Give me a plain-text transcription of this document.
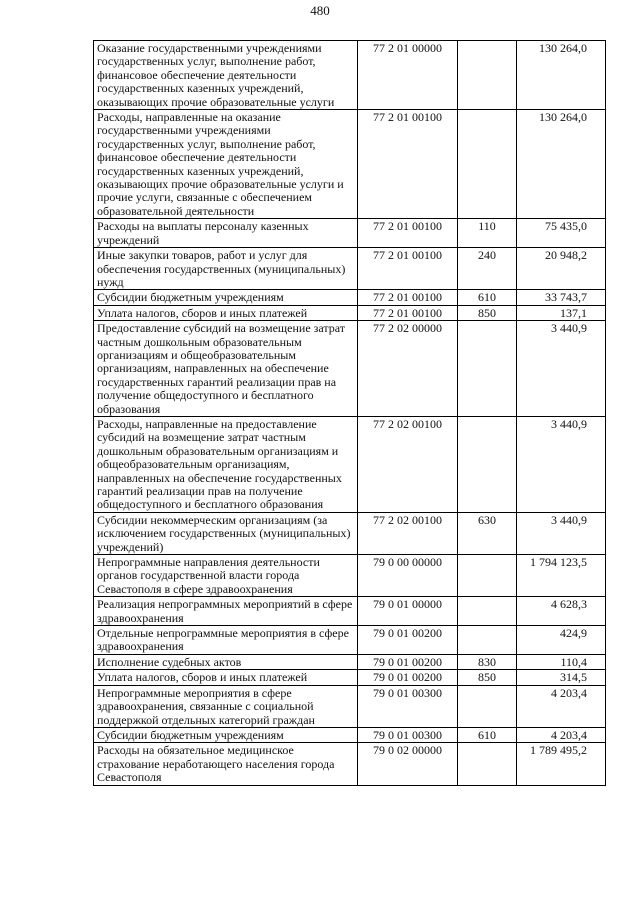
480
Оказание государственными учреждениями государственных услуг, выполнение работ, финансовое обеспечение деятельности государственных казенных учреждений, оказывающих прочие образовательные услуги	77 2 01 00000		130 264,0
Расходы, направленные на оказание государственными учреждениями государственных услуг, выполнение работ, финансовое обеспечение деятельности государственных казенных учреждений, оказывающих прочие образовательные услуги и прочие услуги, связанные с обеспечением образовательной деятельности	77 2 01 00100		130 264,0
Расходы на выплаты персоналу казенных учреждений	77 2 01 00100	110	75 435,0
Иные закупки товаров, работ и услуг для обеспечения государственных (муниципальных) нужд	77 2 01 00100	240	20 948,2
Субсидии бюджетным учреждениям	77 2 01 00100	610	33 743,7
Уплата налогов, сборов и иных платежей	77 2 01 00100	850	137,1
Предоставление субсидий на возмещение затрат частным дошкольным образовательным организациям и общеобразовательным организациям, направленных на обеспечение государственных гарантий реализации прав на получение общедоступного и бесплатного образования	77 2 02 00000		3 440,9
Расходы, направленные на предоставление субсидий на возмещение затрат частным дошкольным образовательным организациям и общеобразовательным организациям, направленных на обеспечение государственных гарантий реализации прав на получение общедоступного и бесплатного образования	77 2 02 00100		3 440,9
Субсидии некоммерческим организациям (за исключением государственных (муниципальных) учреждений)	77 2 02 00100	630	3 440,9
Непрограммные направления деятельности органов государственной власти города Севастополя в сфере здравоохранения	79 0 00 00000		1 794 123,5
Реализация непрограммных мероприятий в сфере здравоохранения	79 0 01 00000		4 628,3
Отдельные непрограммные мероприятия в сфере здравоохранения	79 0 01 00200		424,9
Исполнение судебных актов	79 0 01 00200	830	110,4
Уплата налогов, сборов и иных платежей	79 0 01 00200	850	314,5
Непрограммные мероприятия в сфере здравоохранения, связанные с социальной поддержкой отдельных категорий граждан	79 0 01 00300		4 203,4
Субсидии бюджетным учреждениям	79 0 01 00300	610	4 203,4
Расходы на обязательное медицинское страхование неработающего населения города Севастополя	79 0 02 00000		1 789 495,2
